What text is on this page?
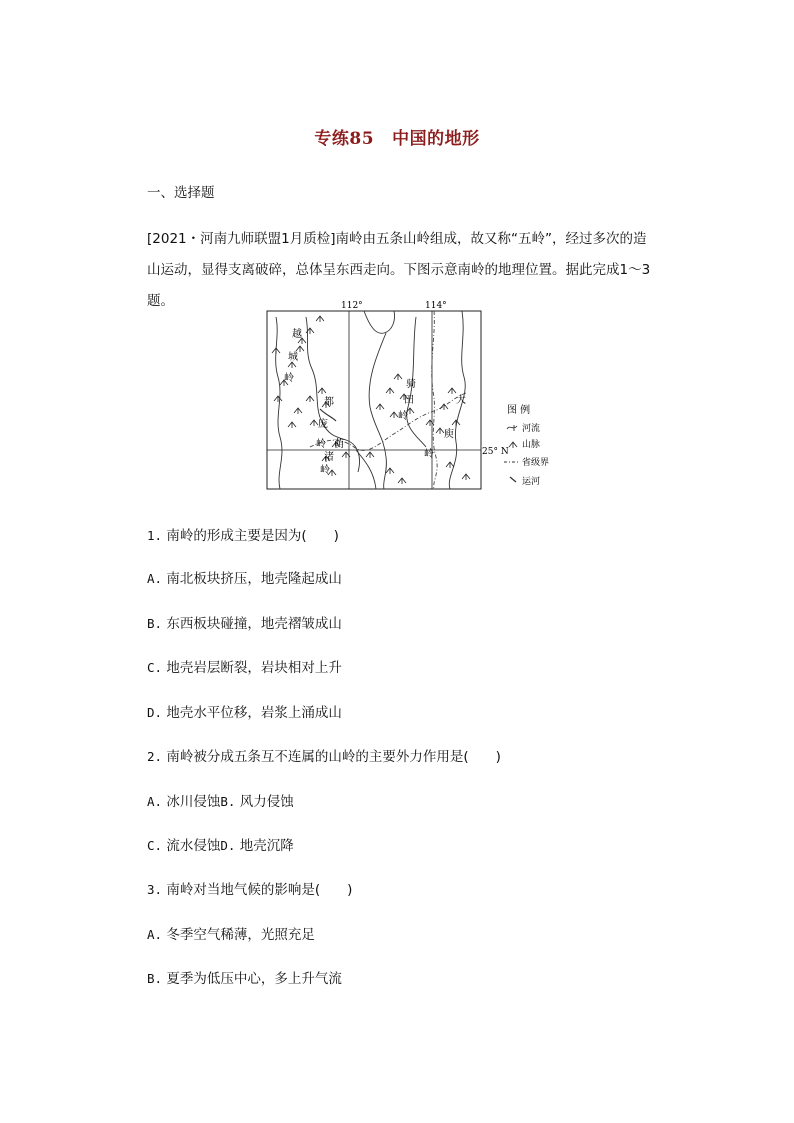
专练85 中国的地形
一、选择题
[2021・河南九师联盟1月质检]南岭由五条山岭组成，故又称“五岭”，经过多次的造
山运动，显得支离破碎，总体呈东西走向。下图示意南岭的地理位置。据此完成1～3题。	112°	114°
25° N
越
城
岭
都
庞
岭 萌
渚
岭
骑
田
岭
大
庾
岭
图 例
河流
山脉
省级界
运河
1. 南岭的形成主要是因为(　　)
A. 南北板块挤压，地壳隆起成山
B. 东西板块碰撞，地壳褶皱成山
C. 地壳岩层断裂，岩块相对上升
D. 地壳水平位移，岩浆上涌成山
2. 南岭被分成五条互不连属的山岭的主要外力作用是(　　)
A. 冰川侵蚀B. 风力侵蚀
C. 流水侵蚀D. 地壳沉降
3. 南岭对当地气候的影响是(　　)
A. 冬季空气稀薄，光照充足
B. 夏季为低压中心，多上升气流
